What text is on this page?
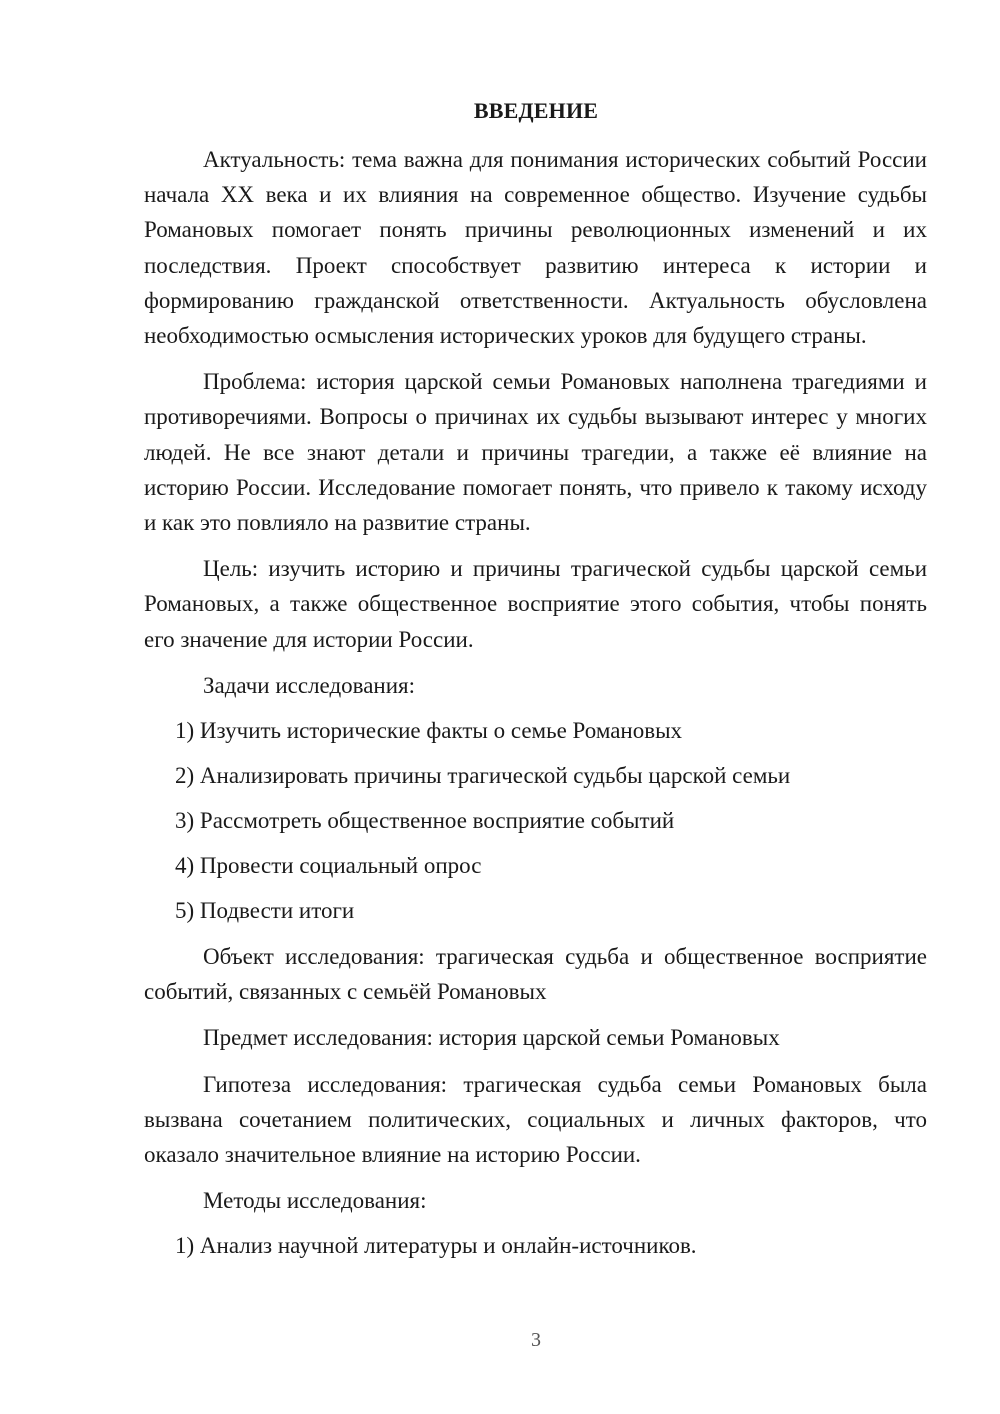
ВВЕДЕНИЕ

Актуальность: тема важна для понимания исторических событий России начала XX века и их влияния на современное общество. Изучение судьбы Романовых помогает понять причины революционных изменений и их последствия. Проект способствует развитию интереса к истории и формированию гражданской ответственности. Актуальность обусловлена необходимостью осмысления исторических уроков для будущего страны.

Проблема: история царской семьи Романовых наполнена трагедиями и противоречиями. Вопросы о причинах их судьбы вызывают интерес у многих людей. Не все знают детали и причины трагедии, а также её влияние на историю России. Исследование помогает понять, что привело к такому исходу и как это повлияло на развитие страны.

Цель: изучить историю и причины трагической судьбы царской семьи Романовых, а также общественное восприятие этого события, чтобы понять его значение для истории России.

Задачи исследования:

1) Изучить исторические факты о семье Романовых

2) Анализировать причины трагической судьбы царской семьи

3) Рассмотреть общественное восприятие событий

4) Провести социальный опрос

5) Подвести итоги

Объект исследования: трагическая судьба и общественное восприятие событий, связанных с семьёй Романовых

Предмет исследования: история царской семьи Романовых

Гипотеза исследования: трагическая судьба семьи Романовых была вызвана сочетанием политических, социальных и личных факторов, что оказало значительное влияние на историю России.

Методы исследования:

1) Анализ научной литературы и онлайн-источников.

3
